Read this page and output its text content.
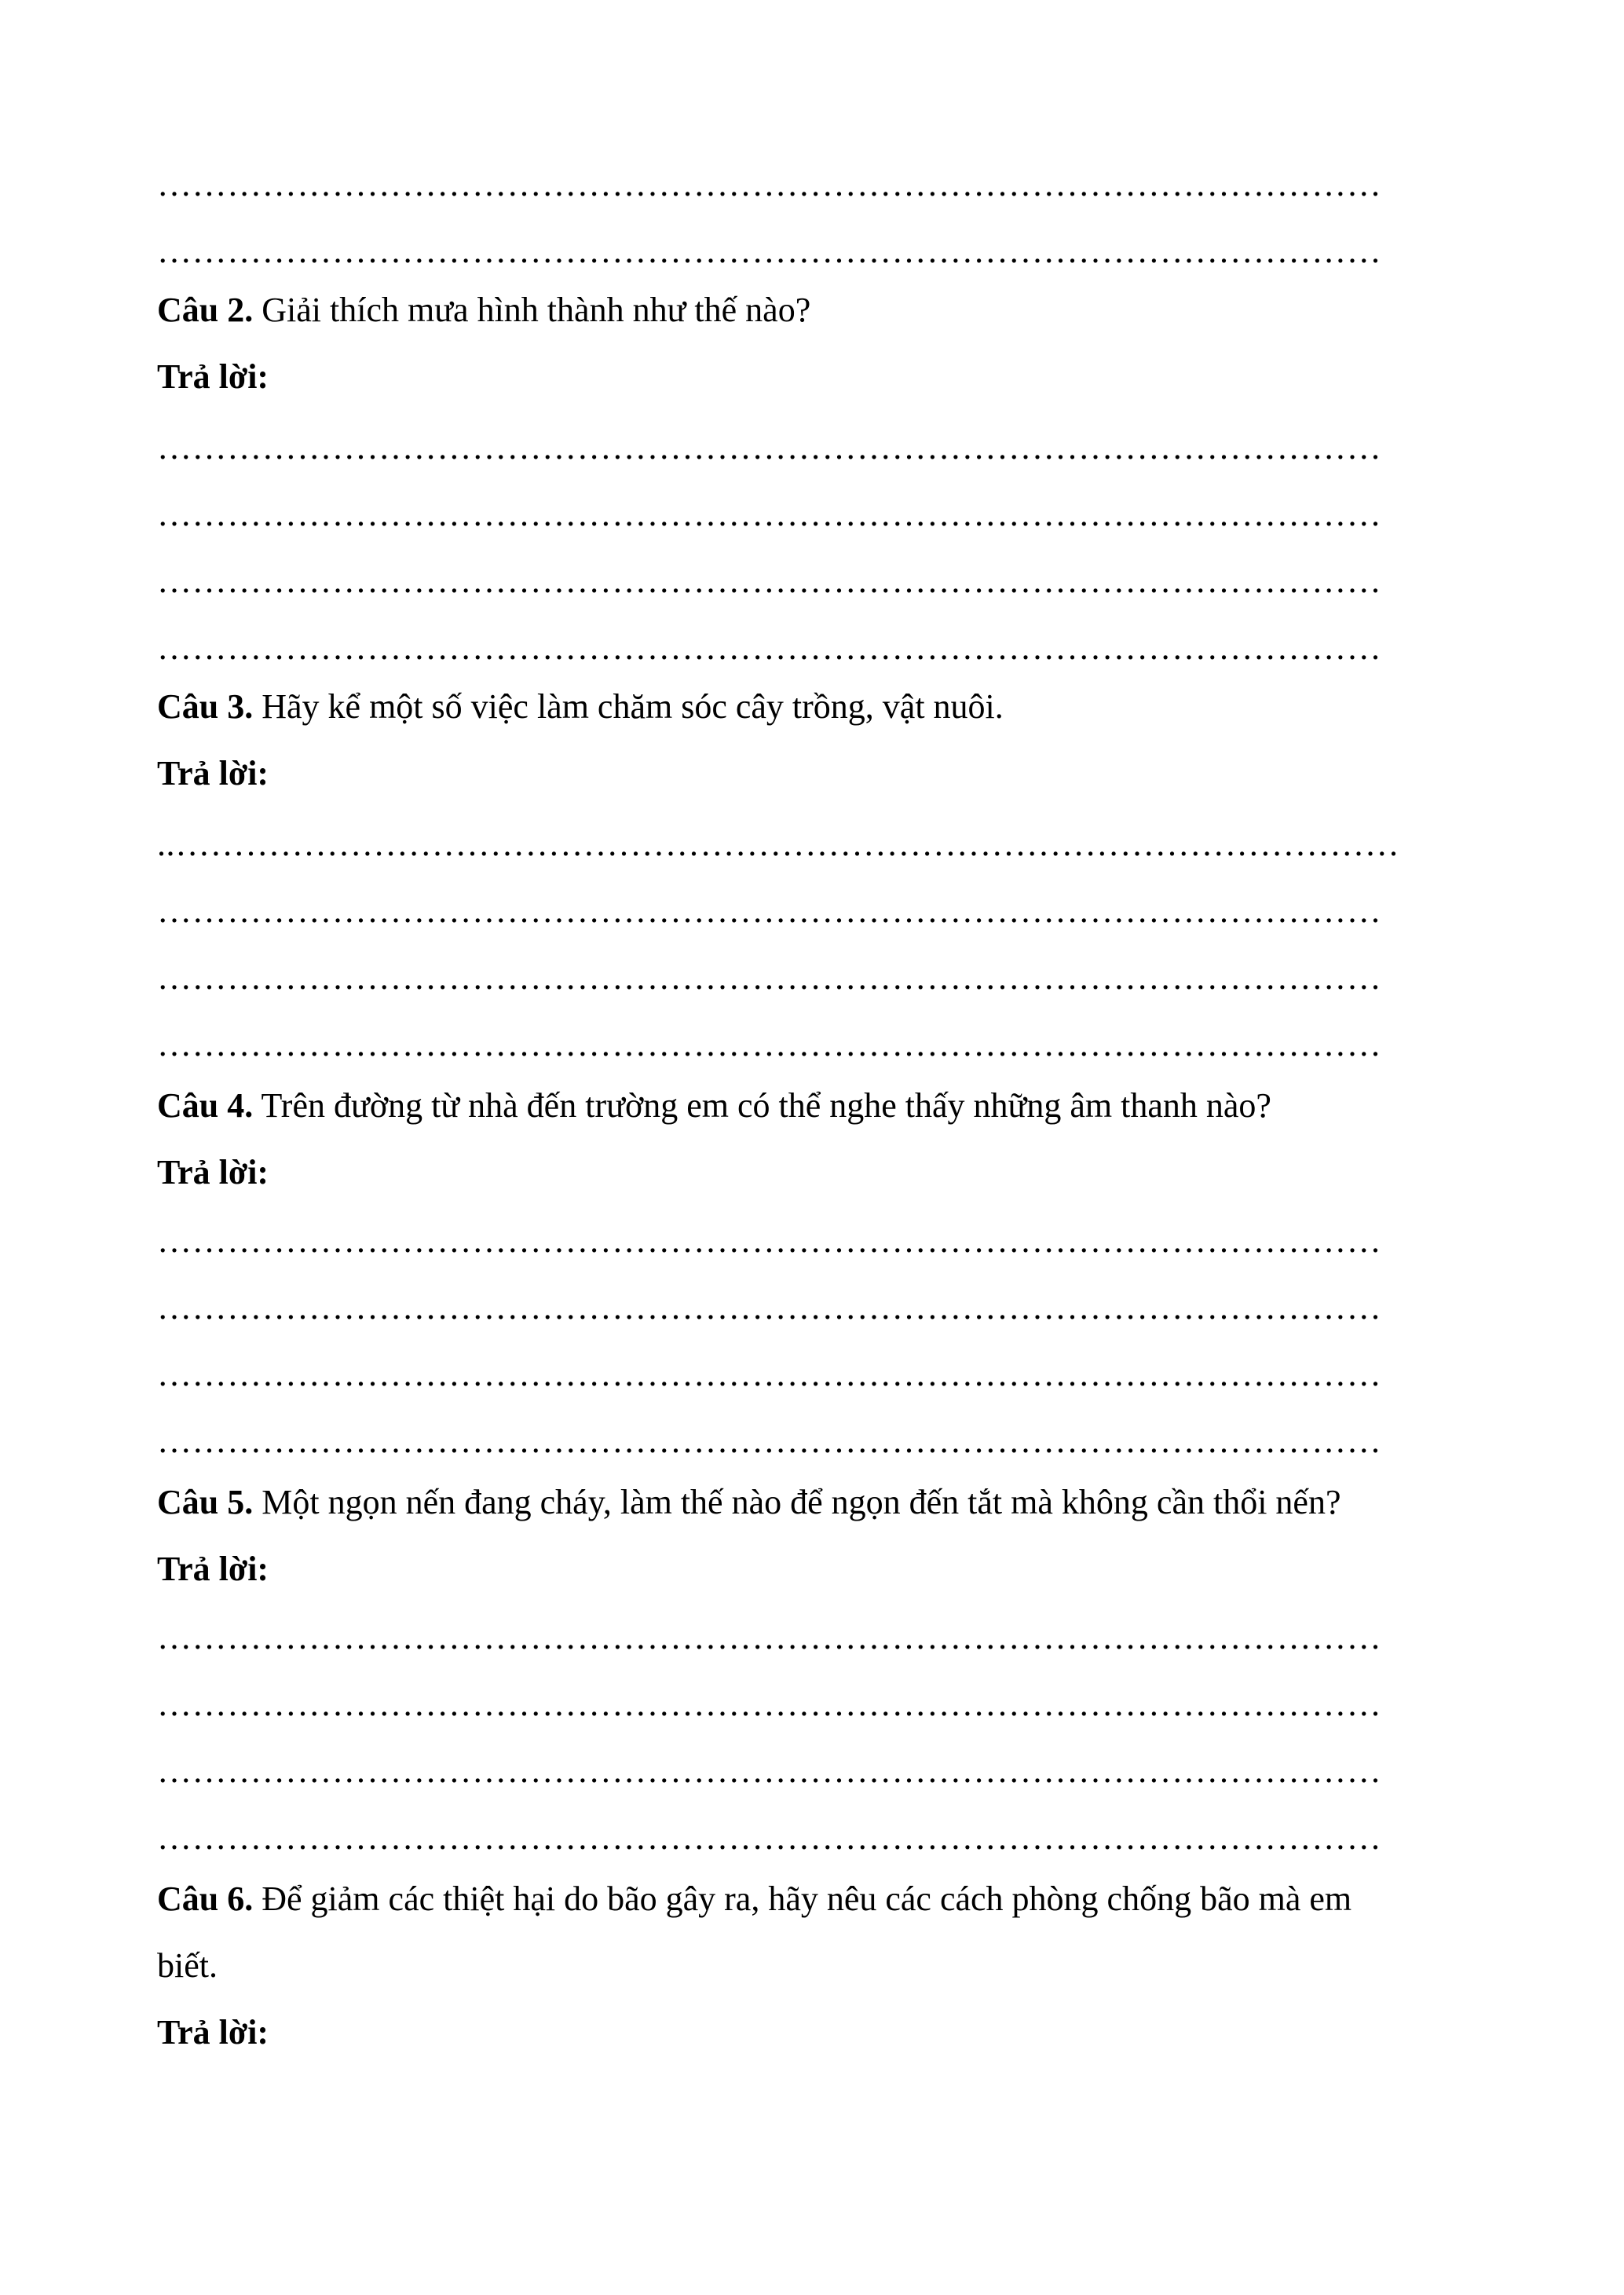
……………………………………………………………………………………………
……………………………………………………………………………………………
Câu 2. Giải thích mưa hình thành như thế nào?
Trả lời:
……………………………………………………………………………………………
……………………………………………………………………………………………
……………………………………………………………………………………………
……………………………………………………………………………………………
Câu 3. Hãy kể một số việc làm chăm sóc cây trồng, vật nuôi.
Trả lời:
..……………………………………………………………………………………………
……………………………………………………………………………………………
……………………………………………………………………………………………
……………………………………………………………………………………………
Câu 4. Trên đường từ nhà đến trường em có thể nghe thấy những âm thanh nào?
Trả lời:
……………………………………………………………………………………………
……………………………………………………………………………………………
……………………………………………………………………………………………
……………………………………………………………………………………………
Câu 5. Một ngọn nến đang cháy, làm thế nào để ngọn đến tắt mà không cần thổi nến?
Trả lời:
……………………………………………………………………………………………
……………………………………………………………………………………………
……………………………………………………………………………………………
……………………………………………………………………………………………
Câu 6. Để giảm các thiệt hại do bão gây ra, hãy nêu các cách phòng chống bão mà em
biết.
Trả lời:
